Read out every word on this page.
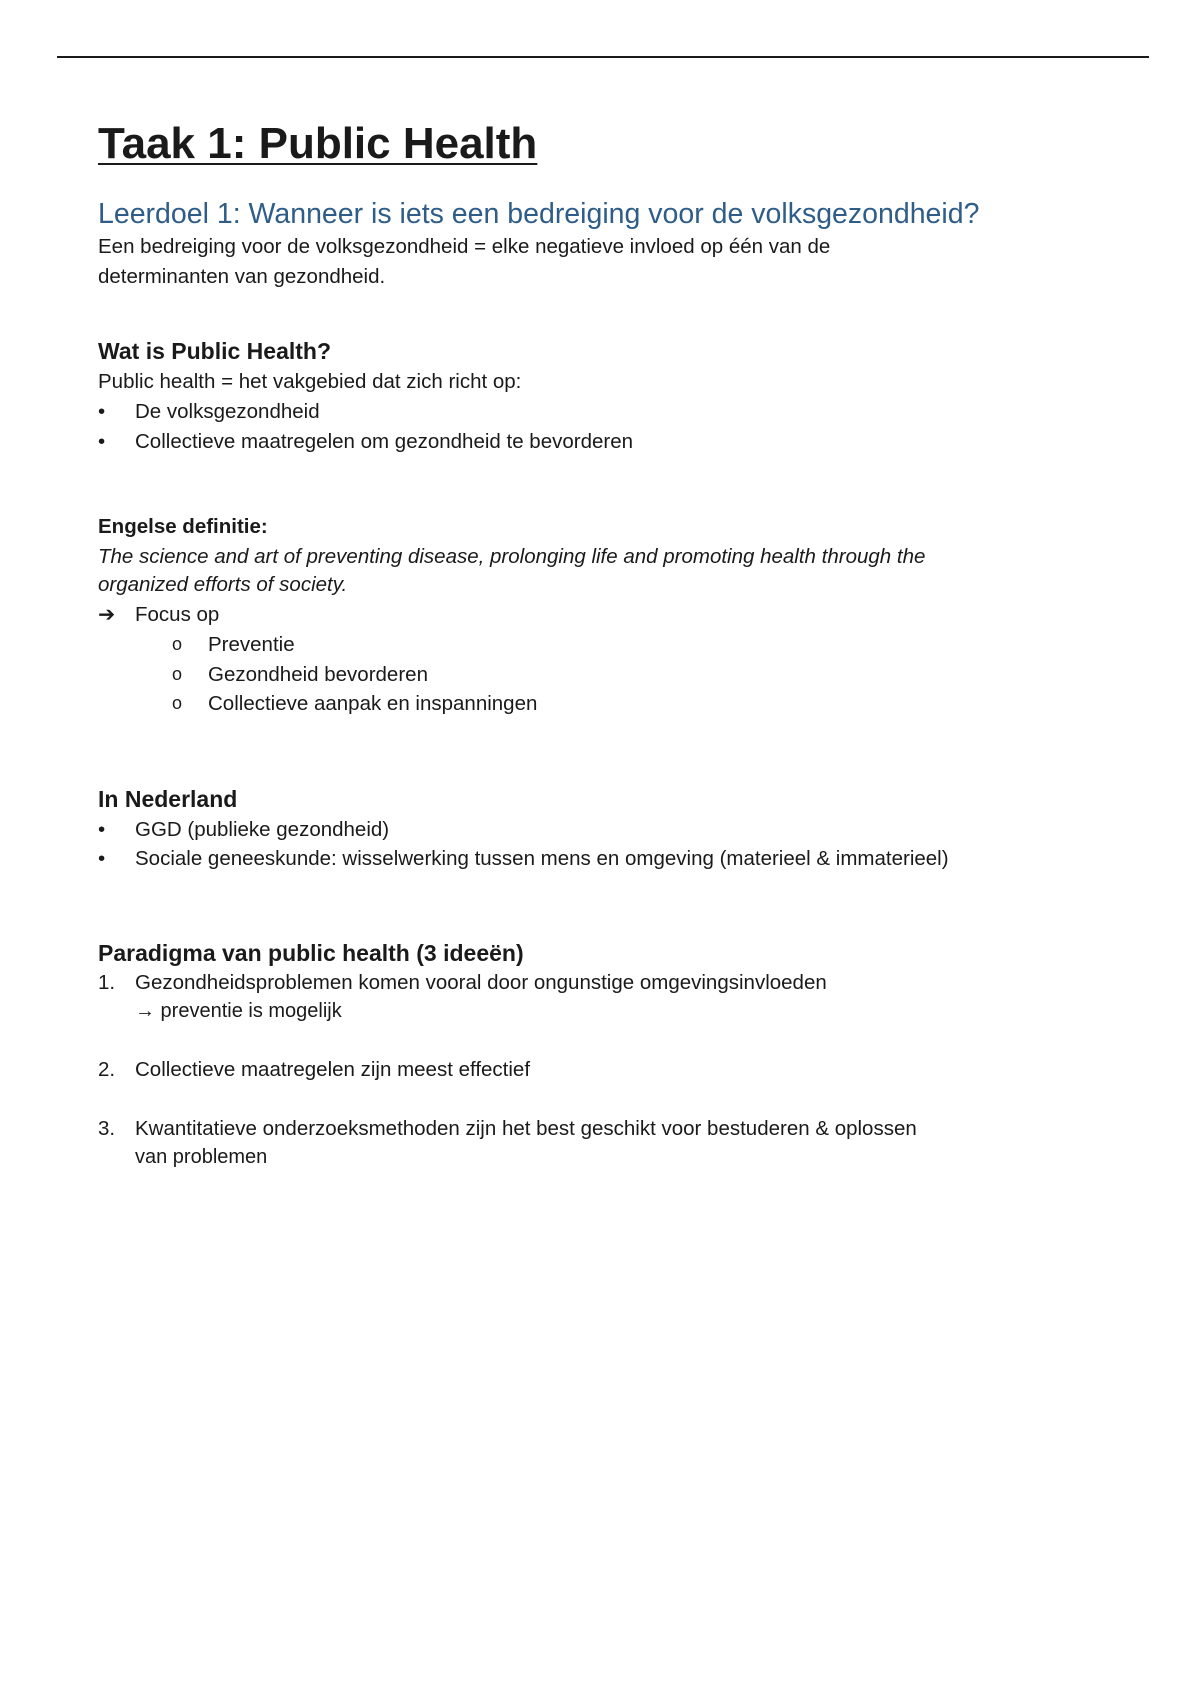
Taak 1: Public Health
Leerdoel 1: Wanneer is iets een bedreiging voor de volksgezondheid?

Een bedreiging voor de volksgezondheid = elke negatieve invloed op één van de

determinanten van gezondheid.

Wat is Public Health?

Public health = het vakgebied dat zich richt op:

• De volksgezondheid
• Collectieve maatregelen om gezondheid te bevorderen
Engelse definitie:
The science and art of preventing disease, prolonging life and promoting health through the
organized efforts of society.
➔ Focus op
o Preventie
o Gezondheid bevorderen
o Collectieve aanpak en inspanningen
In Nederland
• GGD (publieke gezondheid)
• Sociale geneeskunde: wisselwerking tussen mens en omgeving (materieel & immaterieel)
Paradigma van public health (3 ideeën)
1. Gezondheidsproblemen komen vooral door ongunstige omgevingsinvloeden
→ preventie is mogelijk
2. Collectieve maatregelen zijn meest effectief
3. Kwantitatieve onderzoeksmethoden zijn het best geschikt voor bestuderen & oplossen
van problemen
